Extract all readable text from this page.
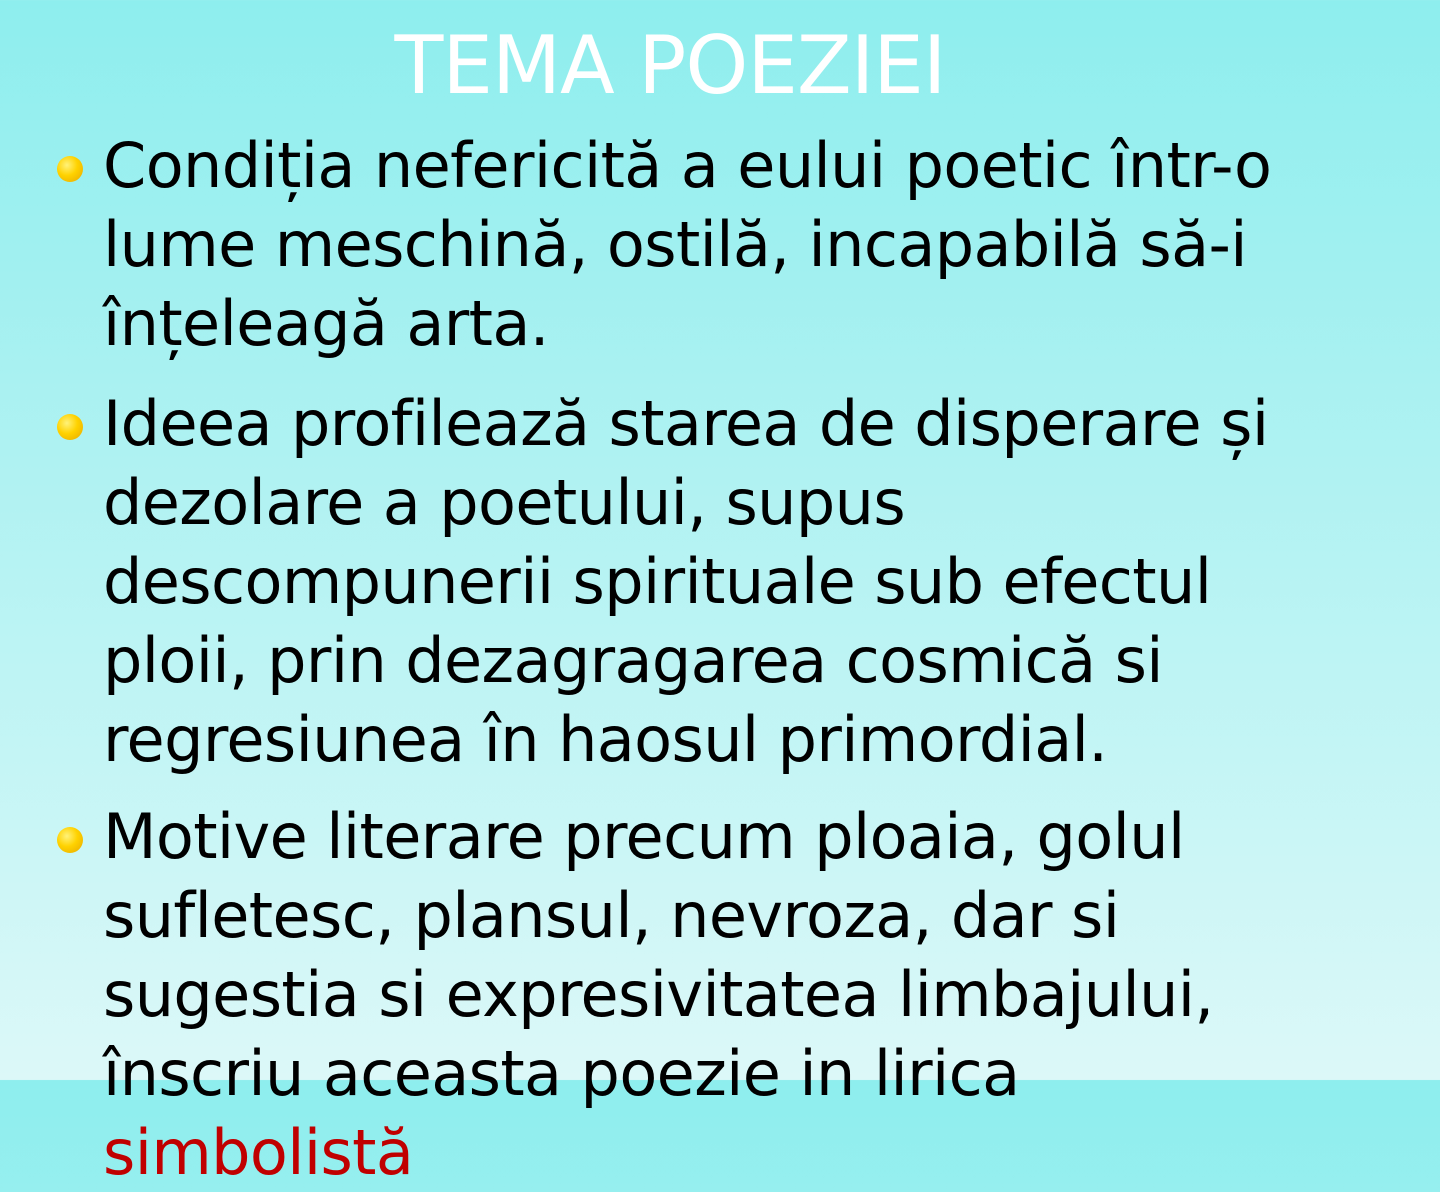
TEMA POEZIEI
Condiția nefericită a eului poetic într-o lume meschină, ostilă, incapabilă să-i înțeleagă arta.
Ideea profilează starea de disperare și dezolare a poetului, supus descompunerii spirituale sub efectul ploii, prin dezagragarea cosmică si regresiunea în haosul primordial.
Motive literare precum ploaia, golul sufletesc, plansul, nevroza, dar si sugestia si expresivitatea limbajului, înscriu aceasta poezie in lirica simbolistă
